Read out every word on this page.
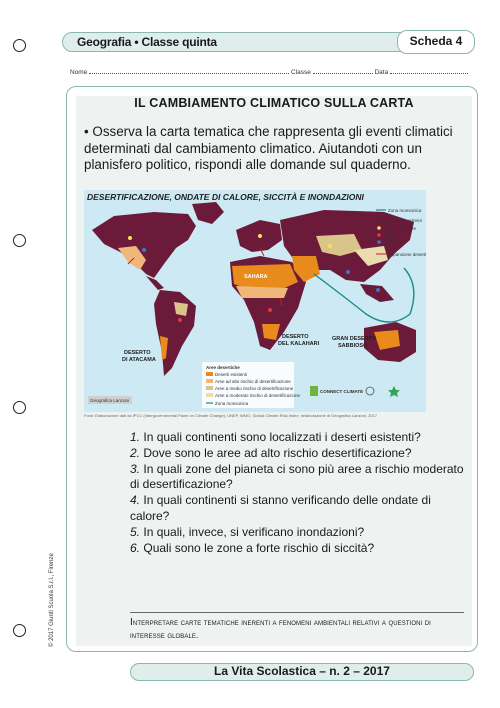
Geografia • Classe quinta	Scheda 4
Nome	Classe	Data
IL CAMBIAMENTO CLIMATICO SULLA CARTA
• Osserva la carta tematica che rappresenta gli eventi climatici determinati dal cambiamento climatico. Aiutandoti con un planisfero politico, rispondi alle domande sul quaderno.
SAHARA
DESERTO
DI ATACAMA
DESERTO
DEL KALAHARI
GRAN DESERTO
SABBIOSO
Zona monsonica
Eventi climatici estremi
Ondate di calore
Siccità
Inondazioni
Espansione deserti
Aree desertiche
Deserti esistenti
Aree ad alto rischio di desertificazione
Aree a medio rischio di desertificazione
Aree a moderato rischio di desertificazione
Zona monsonica
Geografica Lanzoni
CONNECT CLIMATE
DESERTIFICAZIONE, ONDATE DI CALORE, SICCITÀ E INONDAZIONI
Fonti: Elaborazione dati da IPCC (Intergovernmental Panel on Climate Change), UNEP, WMO, Global Climate Risk Index; rielaborazione di Geografica Lanzoni, 2017
1. In quali continenti sono localizzati i deserti esistenti?
2. Dove sono le aree ad alto rischio desertificazione?
3. In quali zone del pianeta ci sono più aree a rischio moderato di desertificazione?
4. In quali continenti si stanno verificando delle ondate di calore?
5. In quali, invece, si verificano inondazioni?
6. Quali sono le zone a forte rischio di siccità?
Interpretare carte tematiche inerenti a fenomeni ambientali relativi a questioni di interesse globale.
© 2017 Giunti Scuola S.r.l., Firenze
La Vita Scolastica – n. 2 – 2017
